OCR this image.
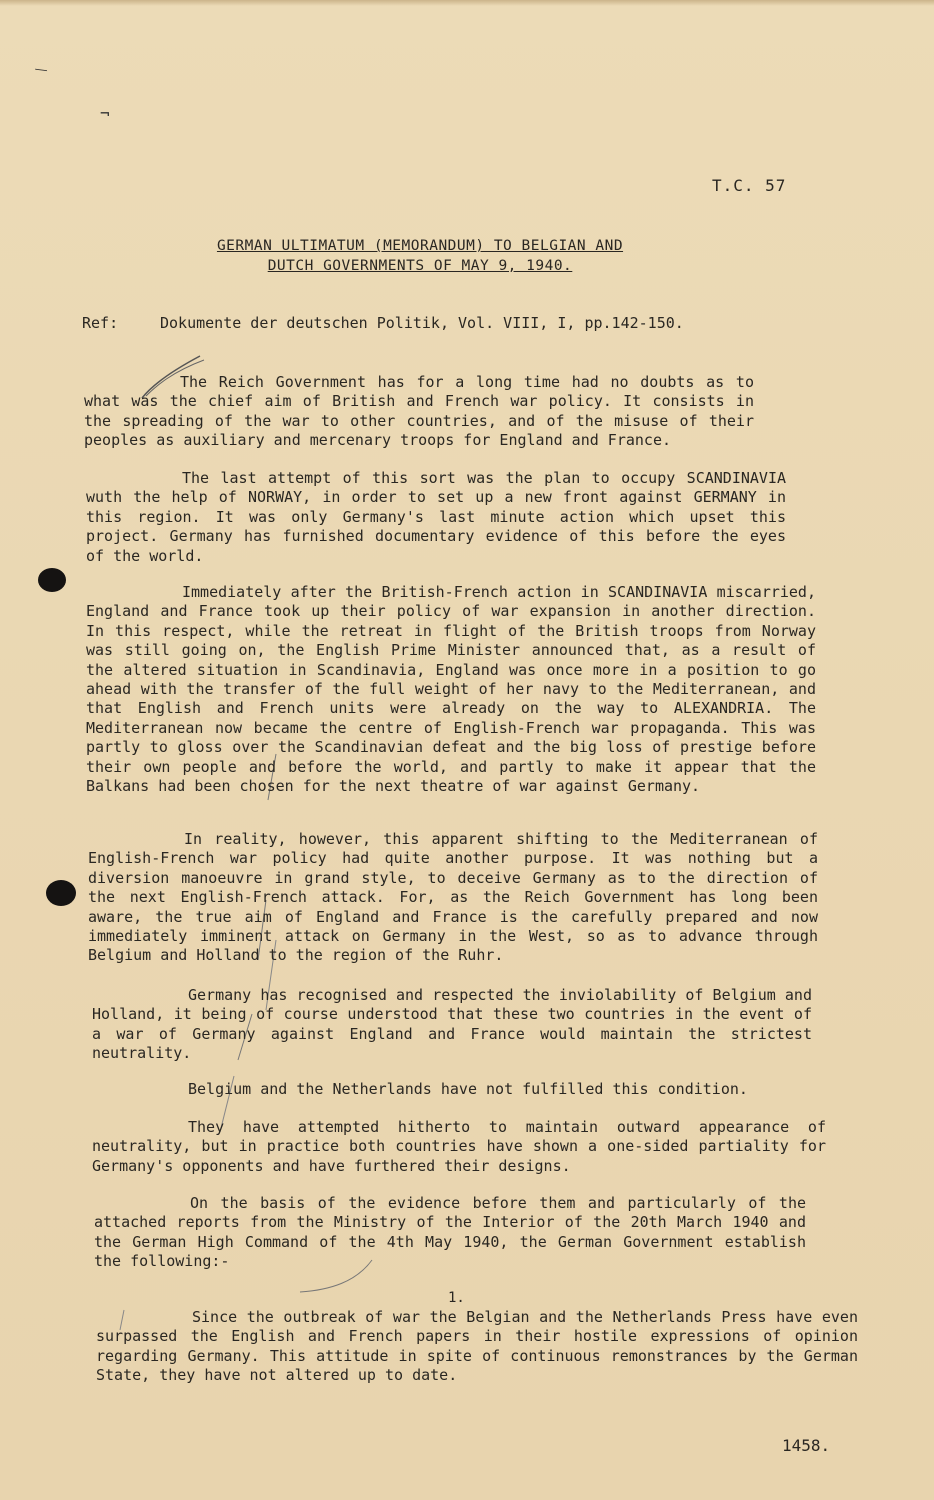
⁄
¬
T.C. 57
GERMAN ULTIMATUM (MEMORANDUM) TO BELGIAN AND
DUTCH GOVERNMENTS OF MAY 9, 1940.
Ref:	Dokumente der deutschen Politik, Vol. VIII, I, pp.142-150.

The Reich Government has for a long time had no doubts as to what was the chief aim of British and French war policy. It consists in the spreading of the war to other countries, and of the misuse of their peoples as auxiliary and mercenary troops for England and France.

The last attempt of this sort was the plan to occupy SCANDINAVIA wuth the help of NORWAY, in order to set up a new front against GERMANY in this region. It was only Germany's last minute action which upset this project. Germany has furnished documentary evidence of this before the eyes of the world.

Immediately after the British-French action in SCANDINAVIA miscarried, England and France took up their policy of war expansion in another direction. In this respect, while the retreat in flight of the British troops from Norway was still going on, the English Prime Minister announced that, as a result of the altered situation in Scandinavia, England was once more in a position to go ahead with the transfer of the full weight of her navy to the Mediterranean, and that English and French units were already on the way to ALEXANDRIA. The Mediterranean now became the centre of English-French war propaganda. This was partly to gloss over the Scandinavian defeat and the big loss of prestige before their own people and before the world, and partly to make it appear that the Balkans had been chosen for the next theatre of war against Germany.

In reality, however, this apparent shifting to the Mediterranean of English-French war policy had quite another purpose. It was nothing but a diversion manoeuvre in grand style, to deceive Germany as to the direction of the next English-French attack. For, as the Reich Government has long been aware, the true aim of England and France is the carefully prepared and now immediately imminent attack on Germany in the West, so as to advance through Belgium and Holland to the region of the Ruhr.

Germany has recognised and respected the inviolability of Belgium and Holland, it being of course understood that these two countries in the event of a war of Germany against England and France would maintain the strictest neutrality.

Belgium and the Netherlands have not fulfilled this condition.

They have attempted hitherto to maintain outward appearance of neutrality, but in practice both countries have shown a one-sided partiality for Germany's opponents and have furthered their designs.

On the basis of the evidence before them and particularly of the attached reports from the Ministry of the Interior of the 20th March 1940 and the German High Command of the 4th May 1940, the German Government establish the following:-

1.

Since the outbreak of war the Belgian and the Netherlands Press have even surpassed the English and French papers in their hostile expressions of opinion regarding Germany. This attitude in spite of continuous remonstrances by the German State, they have not altered up to date.

1458.
